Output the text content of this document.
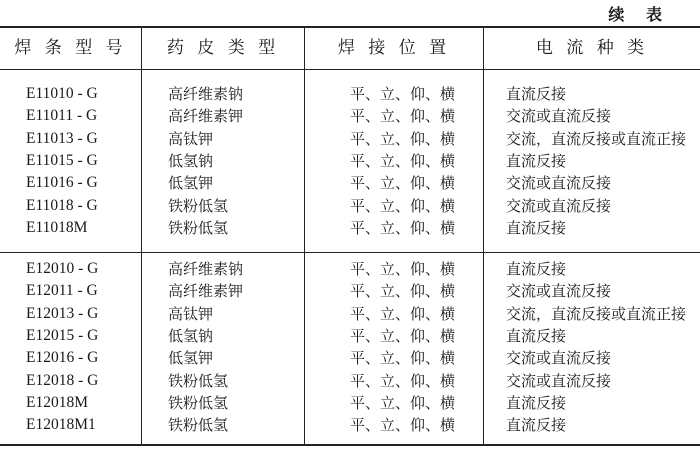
续 表
焊 条 型 号	药 皮 类 型	焊 接 位 置	电 流 种 类
E11010 - G	高纤维素钠	平、立、仰、横	直流反接
E11011 - G	高纤维素钾	平、立、仰、横	交流或直流反接
E11013 - G	高钛钾	平、立、仰、横	交流，直流反接或直流正接
E11015 - G	低氢钠	平、立、仰、横	直流反接
E11016 - G	低氢钾	平、立、仰、横	交流或直流反接
E11018 - G	铁粉低氢	平、立、仰、横	交流或直流反接
E11018M	铁粉低氢	平、立、仰、横	直流反接
E12010 - G	高纤维素钠	平、立、仰、横	直流反接
E12011 - G	高纤维素钾	平、立、仰、横	交流或直流反接
E12013 - G	高钛钾	平、立、仰、横	交流，直流反接或直流正接
E12015 - G	低氢钠	平、立、仰、横	直流反接
E12016 - G	低氢钾	平、立、仰、横	交流或直流反接
E12018 - G	铁粉低氢	平、立、仰、横	交流或直流反接
E12018M	铁粉低氢	平、立、仰、横	直流反接
E12018M1	铁粉低氢	平、立、仰、横	直流反接
